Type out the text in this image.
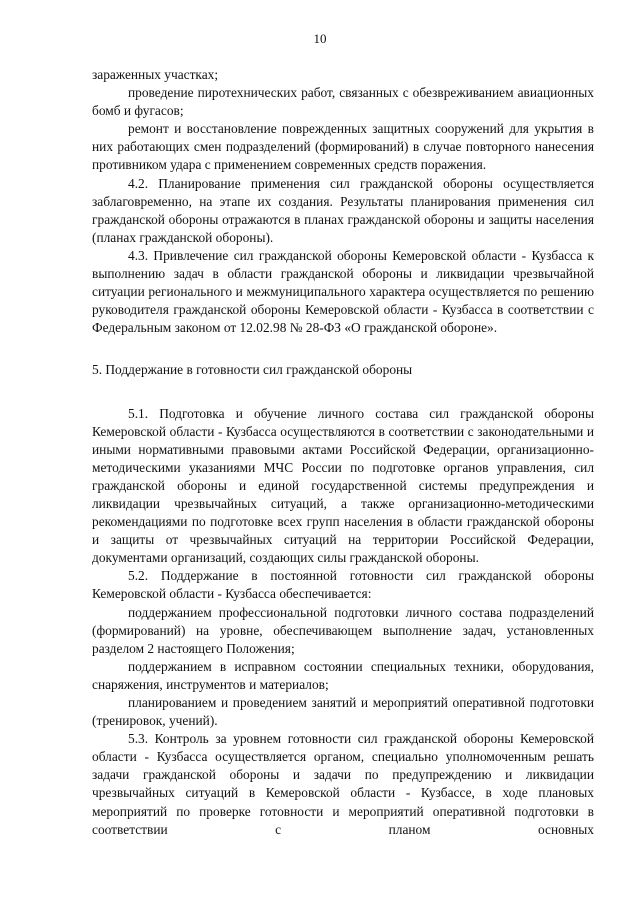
10

зараженных участках;

проведение пиротехнических работ, связанных с обезвреживанием авиационных бомб и фугасов;

ремонт и восстановление поврежденных защитных сооружений для укрытия в них работающих смен подразделений (формирований) в случае повторного нанесения противником удара с применением современных средств поражения.

4.2. Планирование применения сил гражданской обороны осуществляется заблаговременно, на этапе их создания. Результаты планирования применения сил гражданской обороны отражаются в планах гражданской обороны и защиты населения (планах гражданской обороны).

4.3. Привлечение сил гражданской обороны Кемеровской области - Кузбасса к выполнению задач в области гражданской обороны и ликвидации чрезвычайной ситуации регионального и межмуниципального характера осуществляется по решению руководителя гражданской обороны Кемеровской области - Кузбасса в соответствии с Федеральным законом от 12.02.98 № 28-ФЗ «О гражданской обороне».

5. Поддержание в готовности сил гражданской обороны

5.1. Подготовка и обучение личного состава сил гражданской обороны Кемеровской области - Кузбасса осуществляются в соответствии с законодательными и иными нормативными правовыми актами Российской Федерации, организационно-методическими указаниями МЧС России по подготовке органов управления, сил гражданской обороны и единой государственной системы предупреждения и ликвидации чрезвычайных ситуаций, а также организационно-методическими рекомендациями по подготовке всех групп населения в области гражданской обороны и защиты от чрезвычайных ситуаций на территории Российской Федерации, документами организаций, создающих силы гражданской обороны.

5.2. Поддержание в постоянной готовности сил гражданской обороны Кемеровской области - Кузбасса обеспечивается:

поддержанием профессиональной подготовки личного состава подразделений (формирований) на уровне, обеспечивающем выполнение задач, установленных разделом 2 настоящего Положения;

поддержанием в исправном состоянии специальных техники, оборудования, снаряжения, инструментов и материалов;

планированием и проведением занятий и мероприятий оперативной подготовки (тренировок, учений).

5.3. Контроль за уровнем готовности сил гражданской обороны Кемеровской области - Кузбасса осуществляется органом, специально уполномоченным решать задачи гражданской обороны и задачи по предупреждению и ликвидации чрезвычайных ситуаций в Кемеровской области - Кузбассе, в ходе плановых мероприятий по проверке готовности и мероприятий оперативной подготовки в соответствии с планом основных
